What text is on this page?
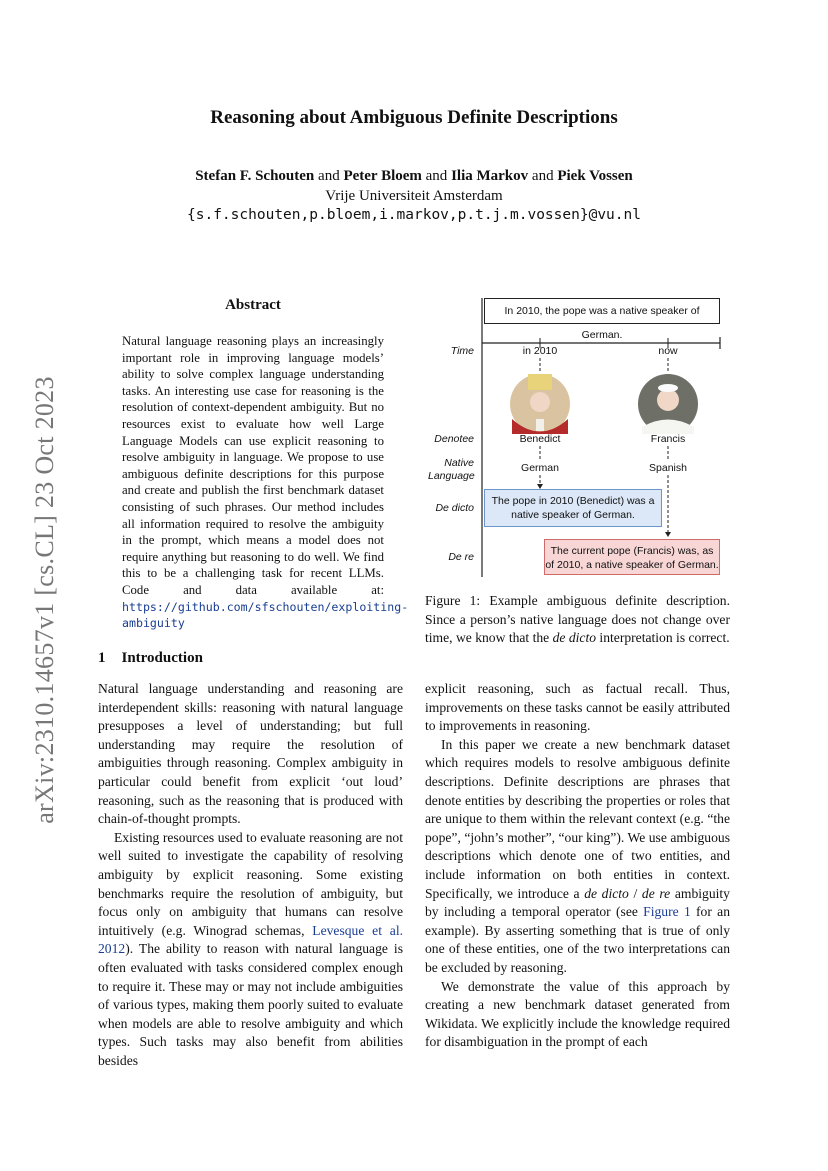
Reasoning about Ambiguous Definite Descriptions
Stefan F. Schouten and Peter Bloem and Ilia Markov and Piek Vossen
Vrije Universiteit Amsterdam
{s.f.schouten,p.bloem,i.markov,p.t.j.m.vossen}@vu.nl
arXiv:2310.14657v1 [cs.CL] 23 Oct 2023
Abstract
Natural language reasoning plays an increasingly important role in improving language models’ ability to solve complex language understanding tasks. An interesting use case for reasoning is the resolution of context-dependent ambiguity. But no resources exist to evaluate how well Large Language Models can use explicit reasoning to resolve ambiguity in language. We propose to use ambiguous definite descriptions for this purpose and create and publish the first benchmark dataset consisting of such phrases. Our method includes all information required to resolve the ambiguity in the prompt, which means a model does not require anything but reasoning to do well. We find this to be a challenging task for recent LLMs. Code and data available at: https://github.com/sfschouten/exploiting-ambiguity
In 2010, the pope was a native speaker of German.
Time	in 2010	now
Denotee	Benedict	Francis
Native Language
German	Spanish
De dicto
The pope in 2010 (Benedict) was a native speaker of German.
De re	The current pope (Francis) was, as of 2010, a native speaker of German.
Figure 1: Example ambiguous definite description. Since a person’s native language does not change over time, we know that the de dicto interpretation is correct.
1 Introduction

Natural language understanding and reasoning are interdependent skills: reasoning with natural language presupposes a level of understanding; but full understanding may require the resolution of ambiguities through reasoning. Complex ambiguity in particular could benefit from explicit ‘out loud’ reasoning, such as the reasoning that is produced with chain-of-thought prompts.

Existing resources used to evaluate reasoning are not well suited to investigate the capability of resolving ambiguity by explicit reasoning. Some existing benchmarks require the resolution of ambiguity, but focus only on ambiguity that humans can resolve intuitively (e.g. Winograd schemas, Levesque et al. 2012). The ability to reason with natural language is often evaluated with tasks considered complex enough to require it. These may or may not include ambiguities of various types, making them poorly suited to evaluate when models are able to resolve ambiguity and which types. Such tasks may also benefit from abilities besides

explicit reasoning, such as factual recall. Thus, improvements on these tasks cannot be easily attributed to improvements in reasoning.

In this paper we create a new benchmark dataset which requires models to resolve ambiguous definite descriptions. Definite descriptions are phrases that denote entities by describing the properties or roles that are unique to them within the relevant context (e.g. “the pope”, “john’s mother”, “our king”). We use ambiguous descriptions which denote one of two entities, and include information on both entities in context. Specifically, we introduce a de dicto / de re ambiguity by including a temporal operator (see Figure 1 for an example). By asserting something that is true of only one of these entities, one of the two interpretations can be excluded by reasoning.

We demonstrate the value of this approach by creating a new benchmark dataset generated from Wikidata. We explicitly include the knowledge required for disambiguation in the prompt of each
